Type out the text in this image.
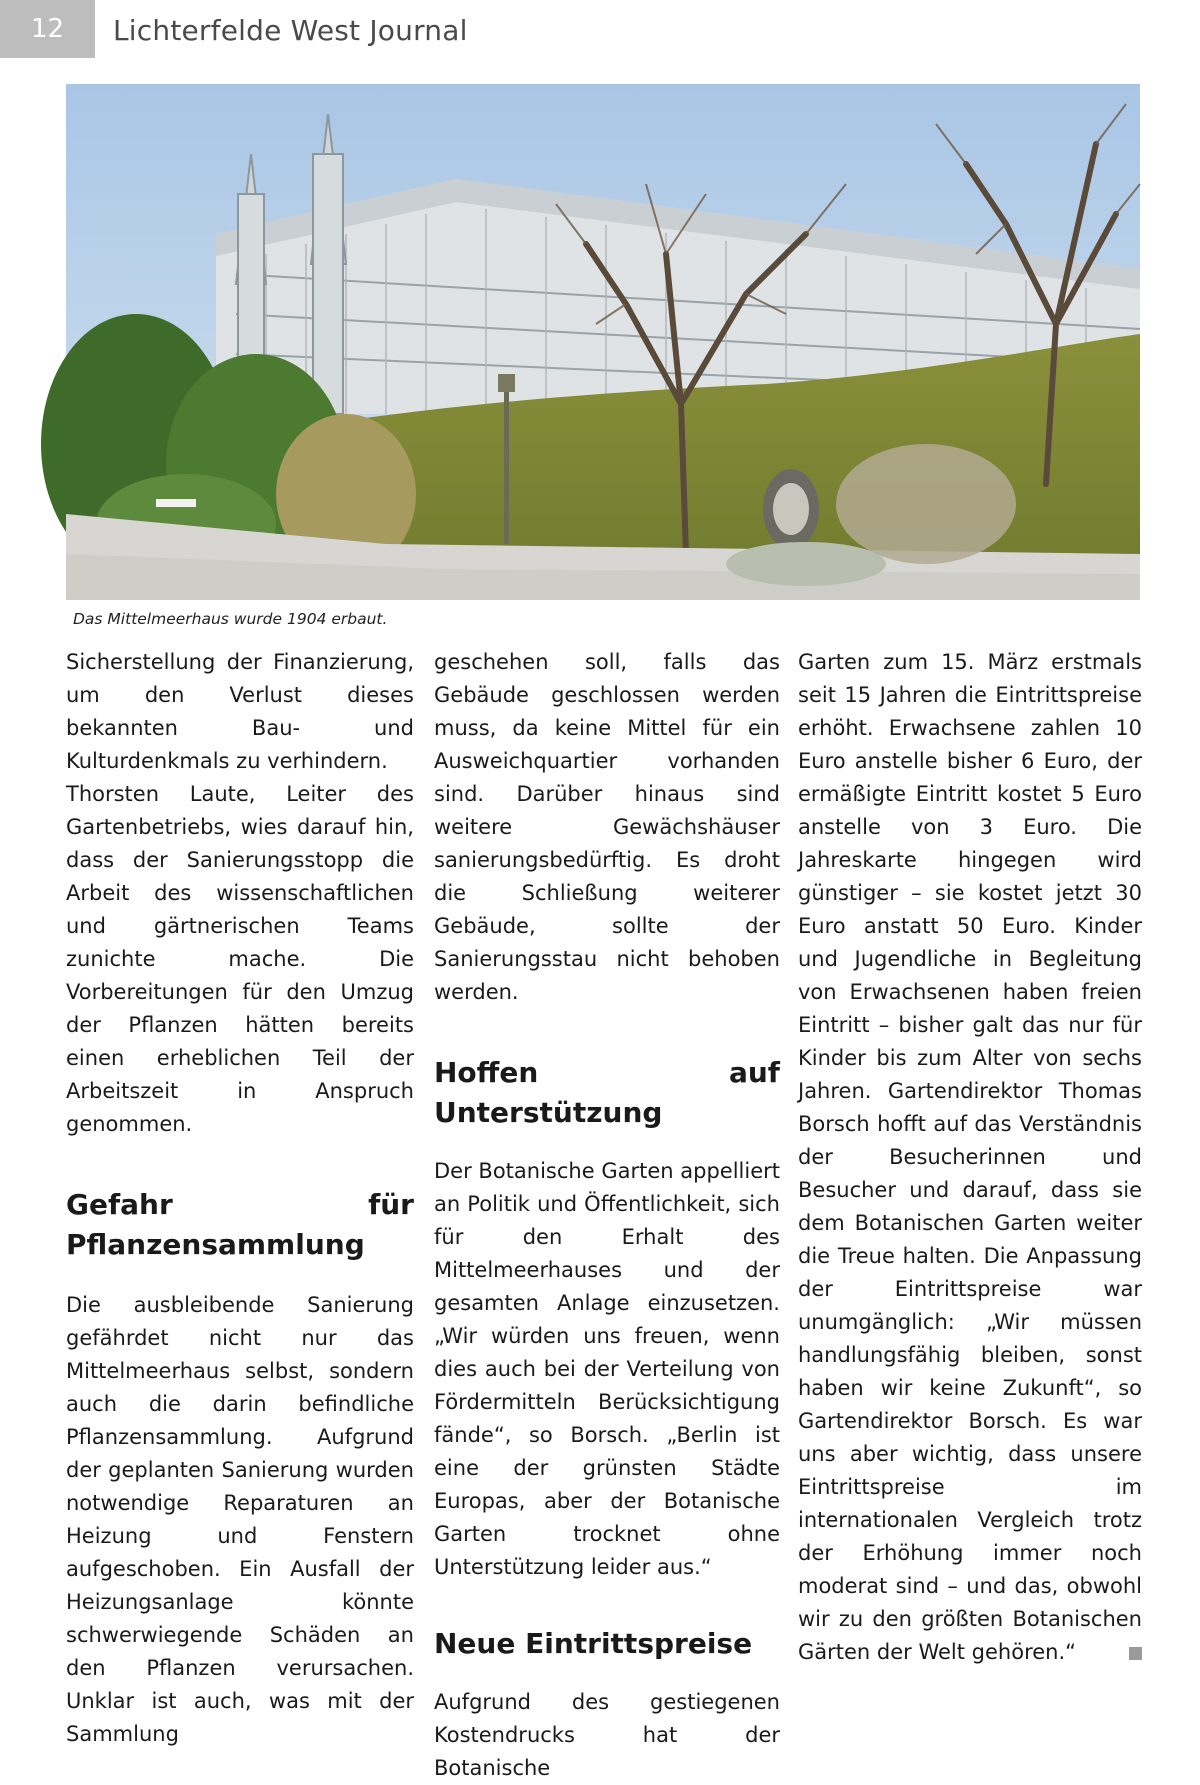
12	Lichterfelde West Journal
Das Mittelmeerhaus wurde 1904 erbaut.

Sicherstellung der Finanzierung, um den Verlust dieses bekannten Bau- und Kulturdenkmals zu verhindern.

Thorsten Laute, Leiter des Gartenbetriebs, wies darauf hin, dass der Sanierungsstopp die Arbeit des wissenschaftlichen und gärtnerischen Teams zunichte mache. Die Vorbereitungen für den Umzug der Pflanzen hätten bereits einen erheblichen Teil der Arbeitszeit in Anspruch genommen.

Gefahr für Pflanzensammlung

Die ausbleibende Sanierung gefährdet nicht nur das Mittelmeerhaus selbst, sondern auch die darin befindliche Pflanzensammlung. Aufgrund der geplanten Sanierung wurden notwendige Reparaturen an Heizung und Fenstern aufgeschoben. Ein Ausfall der Heizungsanlage könnte schwerwiegende Schäden an den Pflanzen verursachen. Unklar ist auch, was mit der Sammlung

geschehen soll, falls das Gebäude geschlossen werden muss, da keine Mittel für ein Ausweichquartier vorhanden sind. Darüber hinaus sind weitere Gewächshäuser sanierungsbedürftig. Es droht die Schließung weiterer Gebäude, sollte der Sanierungsstau nicht behoben werden.

Hoffen auf Unterstützung

Der Botanische Garten appelliert an Politik und Öffentlichkeit, sich für den Erhalt des Mittelmeerhauses und der gesamten Anlage einzusetzen. „Wir würden uns freuen, wenn dies auch bei der Verteilung von Fördermitteln Berücksichtigung fände“, so Borsch. „Berlin ist eine der grünsten Städte Europas, aber der Botanische Garten trocknet ohne Unterstützung leider aus.“

Neue Eintrittspreise

Aufgrund des gestiegenen Kostendrucks hat der Botanische

Garten zum 15. März erstmals seit 15 Jahren die Eintrittspreise erhöht. Erwachsene zahlen 10 Euro anstelle bisher 6 Euro, der ermäßigte Eintritt kostet 5 Euro anstelle von 3 Euro. Die Jahreskarte hingegen wird günstiger – sie kostet jetzt 30 Euro anstatt 50 Euro. Kinder und Jugendliche in Begleitung von Erwachsenen haben freien Eintritt – bisher galt das nur für Kinder bis zum Alter von sechs Jahren. Gartendirektor Thomas Borsch hofft auf das Verständnis der Besucherinnen und Besucher und darauf, dass sie dem Botanischen Garten weiter die Treue halten. Die Anpassung der Eintrittspreise war unumgänglich: „Wir müssen handlungsfähig bleiben, sonst haben wir keine Zukunft“, so Gartendirektor Borsch. Es war uns aber wichtig, dass unsere Eintrittspreise im internationalen Vergleich trotz der Erhöhung immer noch moderat sind – und das, obwohl wir zu den größten Botanischen Gärten der Welt gehören.“
